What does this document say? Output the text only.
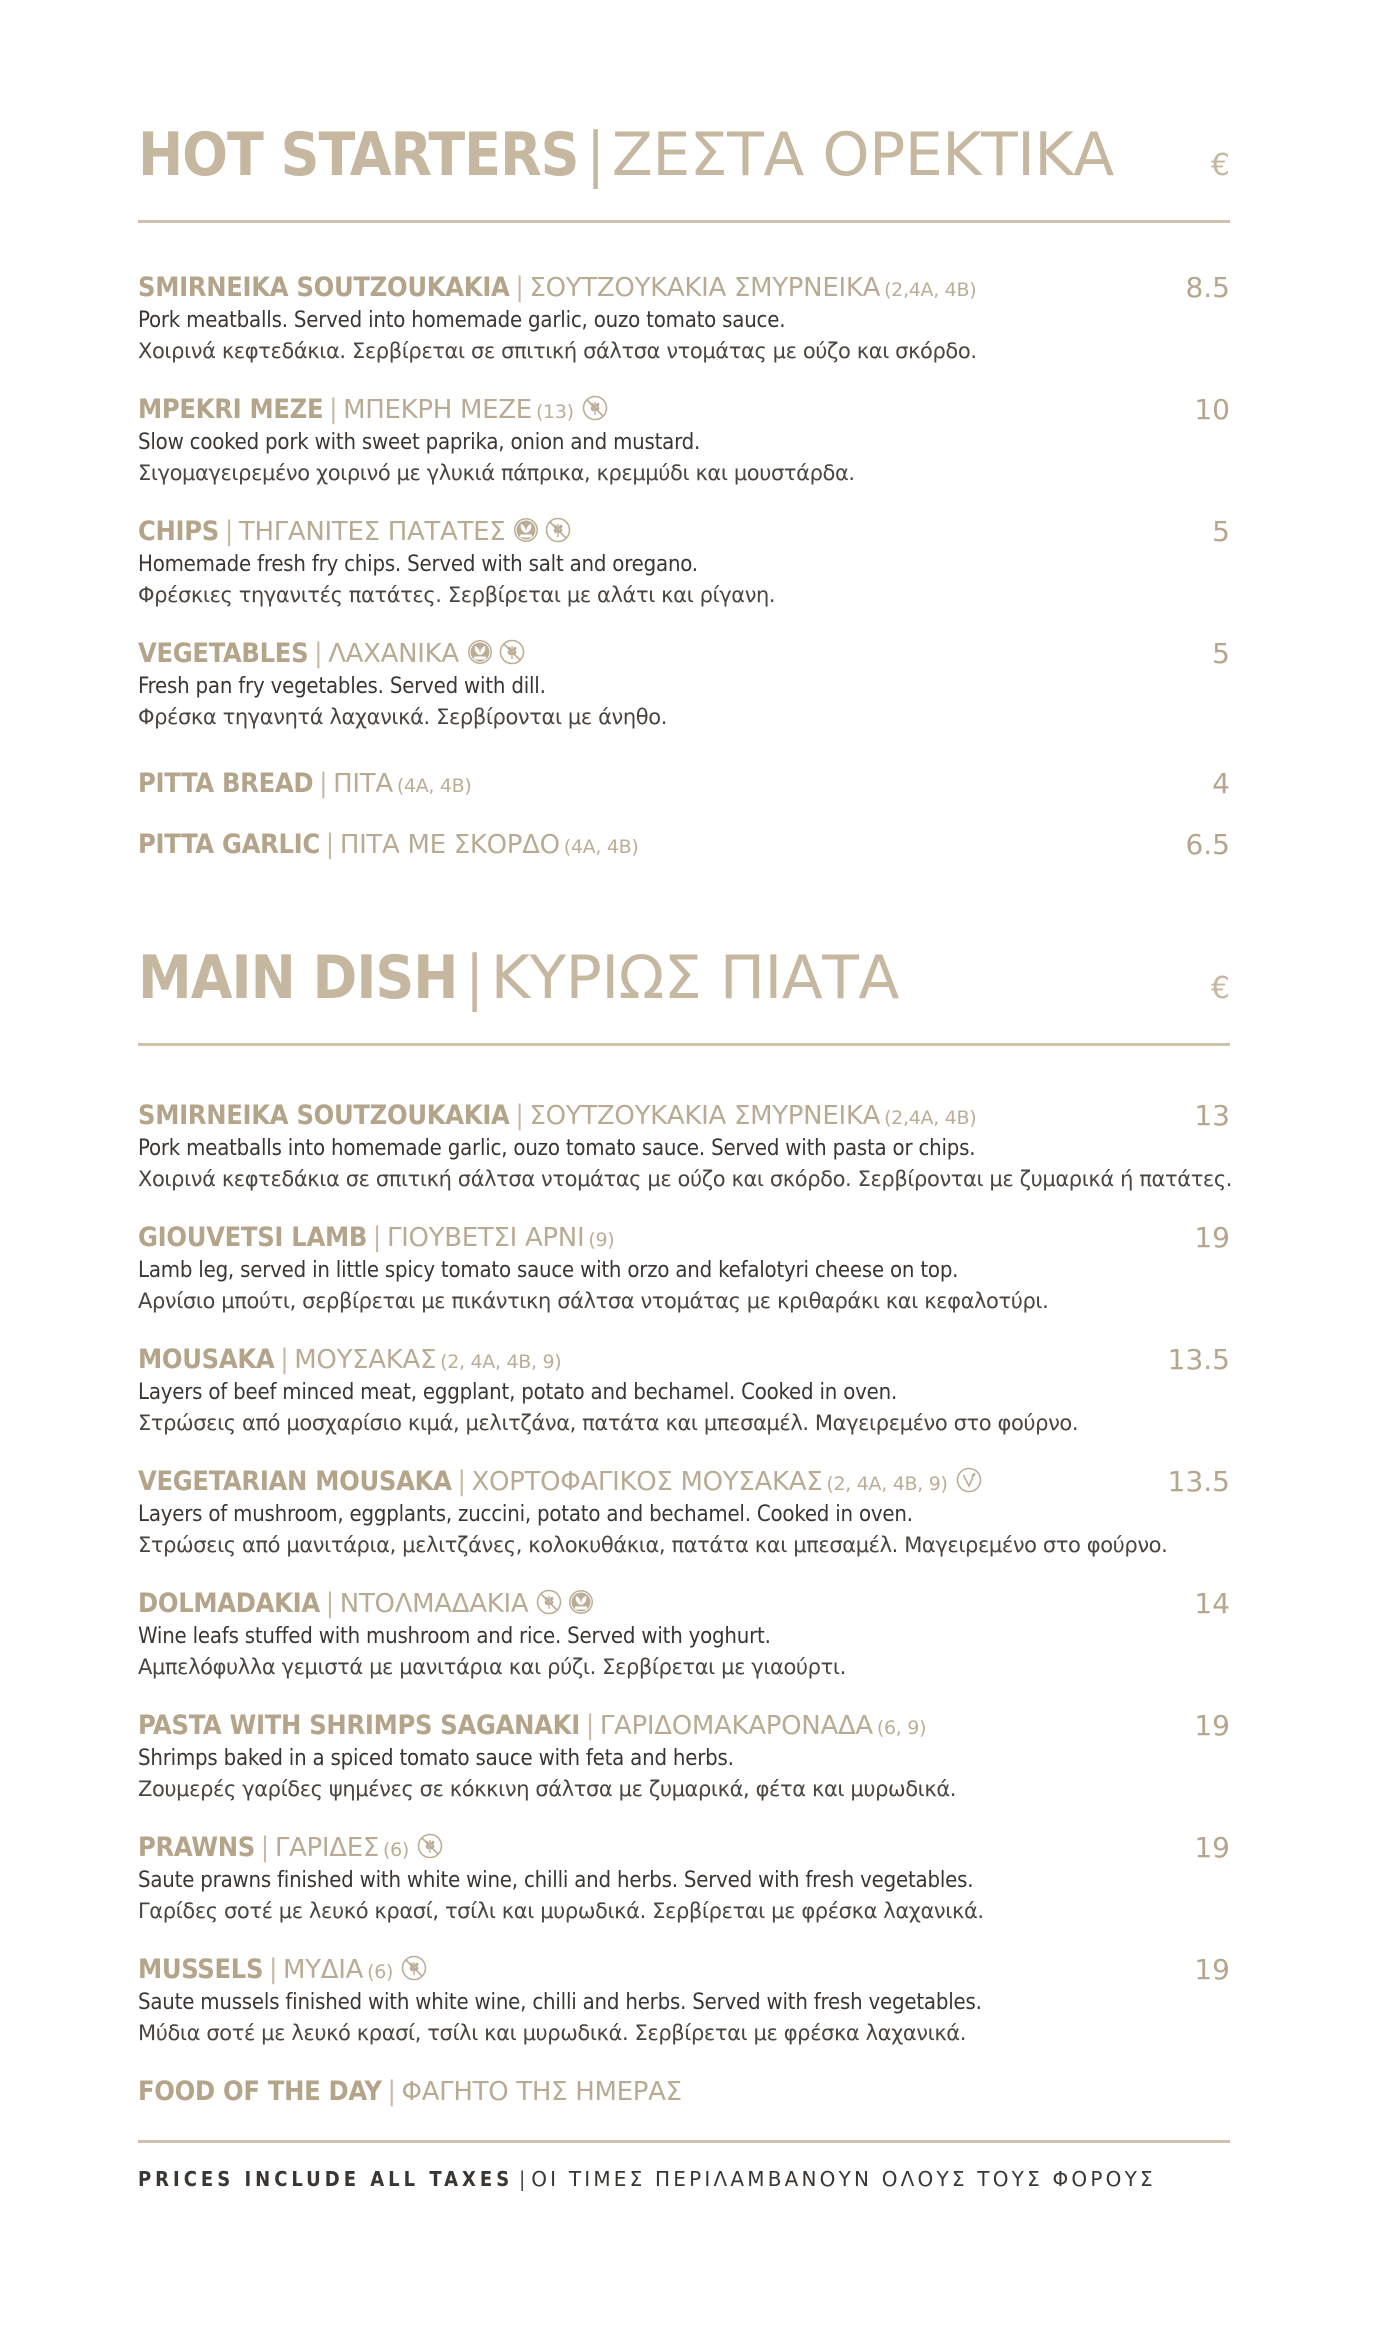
HOT STARTERS | ΖΕΣΤΑ ΟΡΕΚΤΙΚΑ	€
SMIRNEIKA SOUTZOUKAKIA | ΣΟΥΤΖΟΥΚΑΚΙΑ ΣΜΥΡΝΕΙΚΑ (2,4A, 4B)	8.5
Pork meatballs. Served into homemade garlic, ouzo tomato sauce.
Χοιρινά κεφτεδάκια. Σερβίρεται σε σπιτική σάλτσα ντομάτας με ούζο και σκόρδο.
MPEKRI MEZE | ΜΠΕΚΡΗ ΜΕΖΕ (13)	10
Slow cooked pork with sweet paprika, onion and mustard.
Σιγομαγειρεμένο χοιρινό με γλυκιά πάπρικα, κρεμμύδι και μουστάρδα.
CHIPS | ΤΗΓΑΝΙΤΕΣ ΠΑΤΑΤΕΣ	5
Homemade fresh fry chips. Served with salt and oregano.
Φρέσκιες τηγανιτές πατάτες. Σερβίρεται με αλάτι και ρίγανη.
VEGETABLES | ΛΑΧΑΝΙΚΑ	5
Fresh pan fry vegetables. Served with dill.
Φρέσκα τηγανητά λαχανικά. Σερβίρονται με άνηθο.
PITTA BREAD | ΠΙΤΑ (4A, 4B)	4
PITTA GARLIC | ΠΙΤΑ ΜΕ ΣΚΟΡΔΟ (4A, 4B)	6.5
MAIN DISH | ΚΥΡΙΩΣ ΠΙΑΤΑ	€
SMIRNEIKA SOUTZOUKAKIA | ΣΟΥΤΖΟΥΚΑΚΙΑ ΣΜΥΡΝΕΙΚΑ (2,4A, 4B)	13
Pork meatballs into homemade garlic, ouzo tomato sauce. Served with pasta or chips.
Χοιρινά κεφτεδάκια σε σπιτική σάλτσα ντομάτας με ούζο και σκόρδο. Σερβίρονται με ζυμαρικά ή πατάτες.
GIOUVETSI LAMB | ΓΙΟΥΒΕΤΣΙ ΑΡΝΙ (9)	19
Lamb leg, served in little spicy tomato sauce with orzo and kefalotyri cheese on top.
Αρνίσιο μπούτι, σερβίρεται με πικάντικη σάλτσα ντομάτας με κριθαράκι και κεφαλοτύρι.
MOUSAKA | ΜΟΥΣΑΚΑΣ (2, 4A, 4B, 9)	13.5
Layers of beef minced meat, eggplant, potato and bechamel. Cooked in oven.
Στρώσεις από μοσχαρίσιο κιμά, μελιτζάνα, πατάτα και μπεσαμέλ. Μαγειρεμένο στο φούρνο.
VEGETARIAN MOUSAKA | ΧΟΡΤΟΦΑΓΙΚΟΣ ΜΟΥΣΑΚΑΣ (2, 4A, 4B, 9)	13.5
Layers of mushroom, eggplants, zuccini, potato and bechamel. Cooked in oven.
Στρώσεις από μανιτάρια, μελιτζάνες, κολοκυθάκια, πατάτα και μπεσαμέλ. Μαγειρεμένο στο φούρνο.
DOLMADAKIA | ΝΤΟΛΜΑΔΑΚΙΑ	14
Wine leafs stuffed with mushroom and rice. Served with yoghurt.
Αμπελόφυλλα γεμιστά με μανιτάρια και ρύζι. Σερβίρεται με γιαούρτι.
PASTA WITH SHRIMPS SAGANAKI | ΓΑΡΙΔΟΜΑΚΑΡΟΝΑΔΑ (6, 9)	19
Shrimps baked in a spiced tomato sauce with feta and herbs.
Ζουμερές γαρίδες ψημένες σε κόκκινη σάλτσα με ζυμαρικά, φέτα και μυρωδικά.
PRAWNS | ΓΑΡΙΔΕΣ (6)	19
Saute prawns finished with white wine, chilli and herbs. Served with fresh vegetables.
Γαρίδες σοτέ με λευκό κρασί, τσίλι και μυρωδικά. Σερβίρεται με φρέσκα λαχανικά.
MUSSELS | ΜΥΔΙΑ (6)	19
Saute mussels finished with white wine, chilli and herbs. Served with fresh vegetables.
Μύδια σοτέ με λευκό κρασί, τσίλι και μυρωδικά. Σερβίρεται με φρέσκα λαχανικά.
FOOD OF THE DAY | ΦΑΓΗΤΟ ΤΗΣ ΗΜΕΡΑΣ
PRICES INCLUDE ALL TAXES | ΟΙ ΤΙΜΕΣ ΠΕΡΙΛΑΜΒΑΝΟΥΝ ΟΛΟΥΣ ΤΟΥΣ ΦΟΡΟΥΣ
